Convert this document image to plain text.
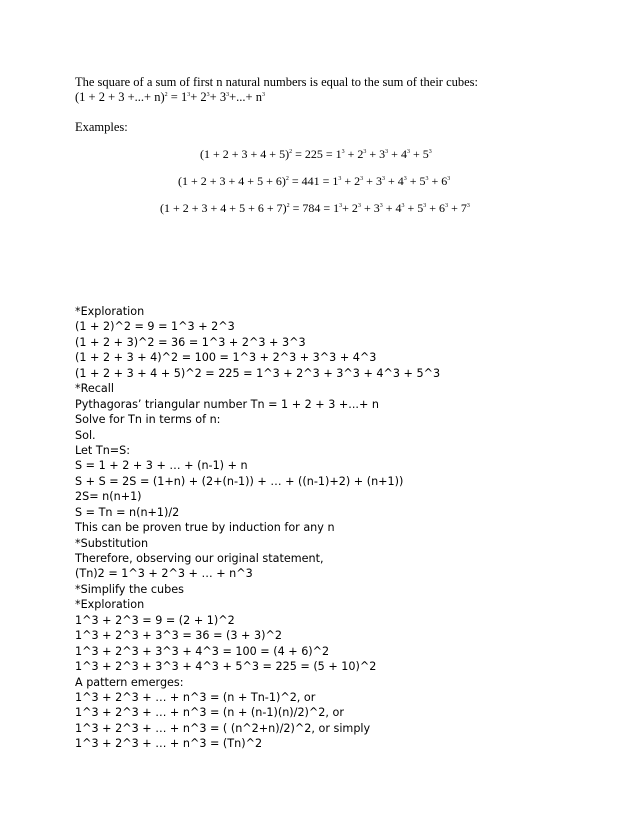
The square of a sum of first n natural numbers is equal to the sum of their cubes:
(1 + 2 + 3 +...+ $n)^2 = 1^3+ 2^3+ 3^3+...+ n^3$
Examples:
$(1 + 2 + 3 + 4 + 5)^2 = 225 = 1^3 + 2^3 + 3^3 + 4^3 + 5^3$
$(1 + 2 + 3 + 4 + 5 + 6)^2 = 441 = 1^3 + 2^3 + 3^3 + 4^3 + 5^3 + 6^3$
$(1 + 2 + 3 + 4 + 5 + 6 + 7)^2 = 784 = 1^3+ 2^3 + 3^3 + 4^3 + 5^3 + 6^3 + 7^3$
*Exploration
(1 + 2)^2 = 9 = 1^3 + 2^3
(1 + 2 + 3)^2 = 36 = 1^3 + 2^3 + 3^3
(1 + 2 + 3 + 4)^2 = 100 = 1^3 + 2^3 + 3^3 + 4^3
(1 + 2 + 3 + 4 + 5)^2 = 225 = 1^3 + 2^3 + 3^3 + 4^3 + 5^3
*Recall
Pythagoras’ triangular number Tn = 1 + 2 + 3 +...+ n
Solve for Tn in terms of n:
Sol.
Let Tn=S:
S = 1 + 2 + 3 + … + (n-1) + n
S + S = 2S = (1+n) + (2+(n-1)) + … + ((n-1)+2) + (n+1))
2S= n(n+1)
S = Tn = n(n+1)/2
This can be proven true by induction for any n
*Substitution
Therefore, observing our original statement,
(Tn)2 = 1^3 + 2^3 + … + n^3
*Simplify the cubes
*Exploration
1^3 + 2^3 = 9 = (2 + 1)^2
1^3 + 2^3 + 3^3 = 36 = (3 + 3)^2
1^3 + 2^3 + 3^3 + 4^3 = 100 = (4 + 6)^2
1^3 + 2^3 + 3^3 + 4^3 + 5^3 = 225 = (5 + 10)^2
A pattern emerges:
1^3 + 2^3 + … + n^3 = (n + Tn-1)^2, or
1^3 + 2^3 + … + n^3 = (n + (n-1)(n)/2)^2, or
1^3 + 2^3 + … + n^3 = ( (n^2+n)/2)^2, or simply
1^3 + 2^3 + … + n^3 = (Tn)^2
